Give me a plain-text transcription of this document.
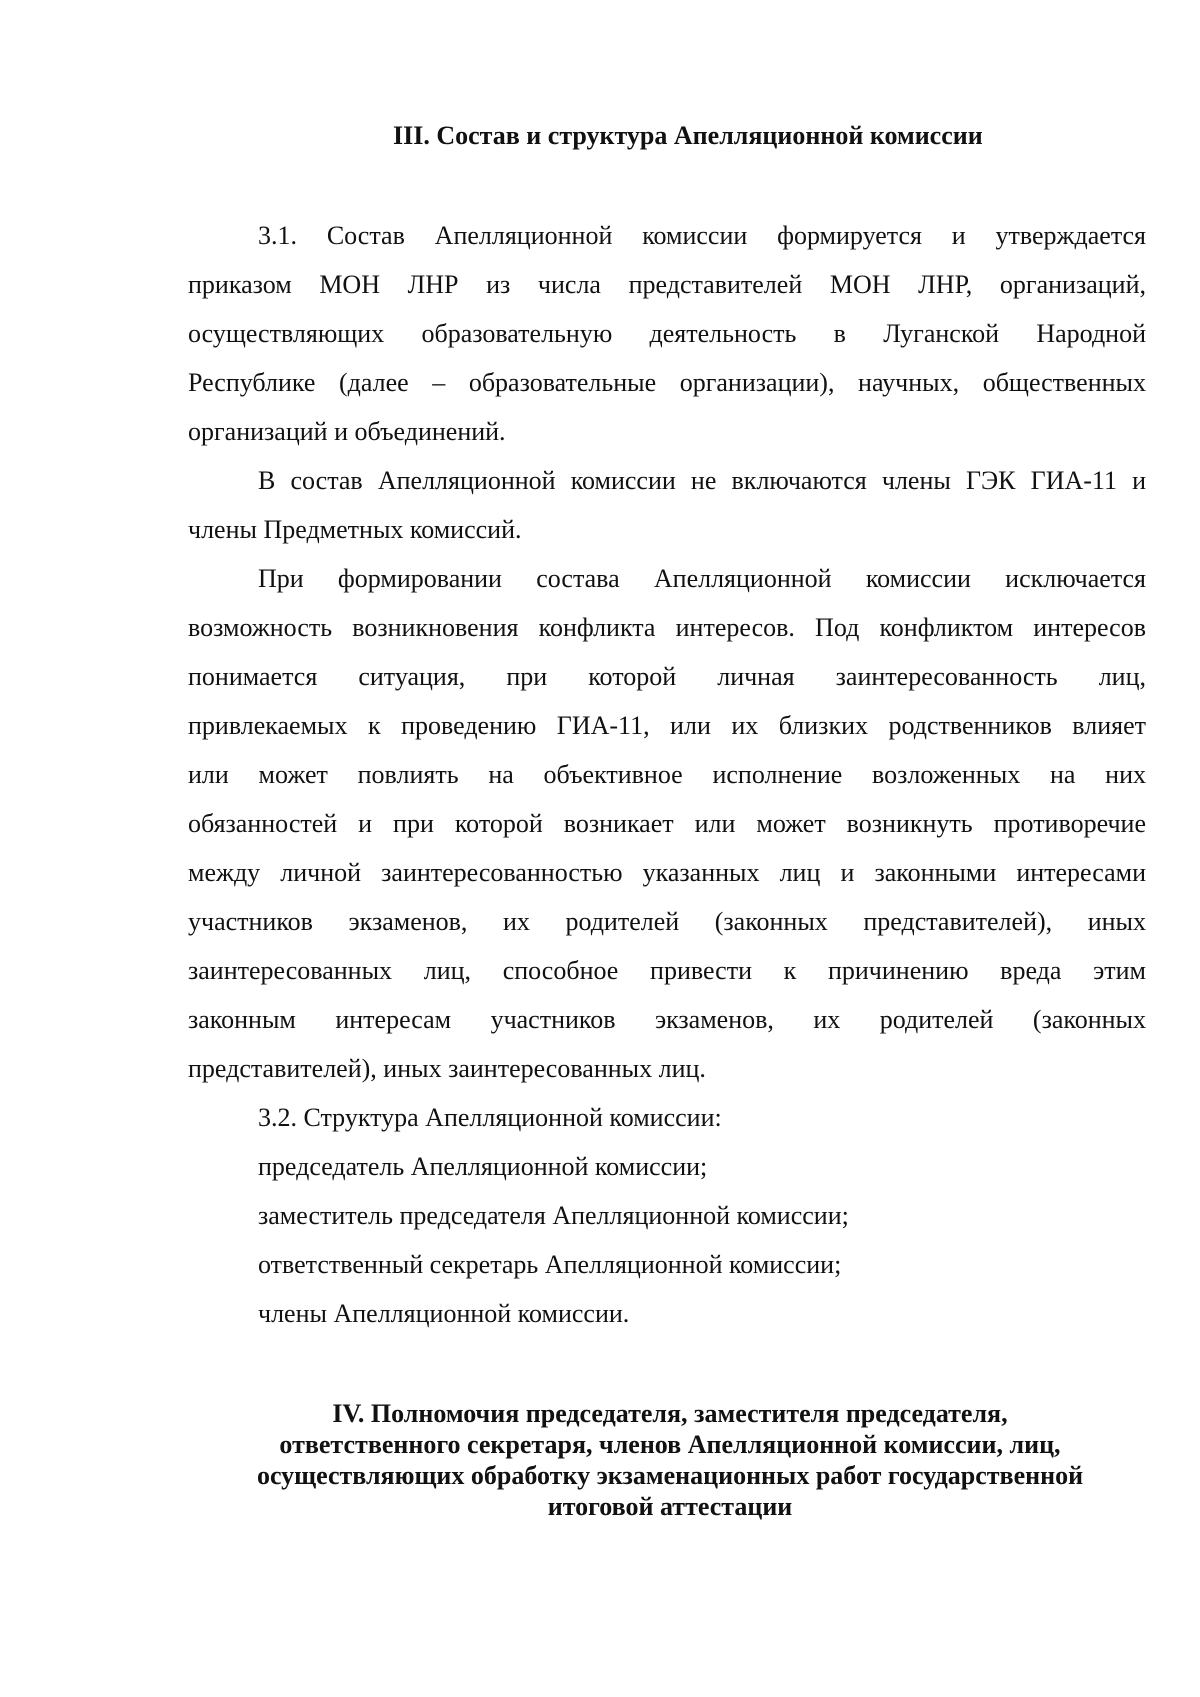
III. Состав и структура Апелляционной комиссии

3.1. Состав Апелляционной комиссии формируется и утверждается
приказом МОН ЛНР из числа представителей МОН ЛНР, организаций,
осуществляющих образовательную деятельность в Луганской Народной
Республике (далее – образовательные организации), научных, общественных
организаций и объединений.

В состав Апелляционной комиссии не включаются члены ГЭК ГИА-11 и
члены Предметных комиссий.

При формировании состава Апелляционной комиссии исключается
возможность возникновения конфликта интересов. Под конфликтом интересов
понимается ситуация, при которой личная заинтересованность лиц,
привлекаемых к проведению ГИА-11, или их близких родственников влияет
или может повлиять на объективное исполнение возложенных на них
обязанностей и при которой возникает или может возникнуть противоречие
между личной заинтересованностью указанных лиц и законными интересами
участников экзаменов, их родителей (законных представителей), иных
заинтересованных лиц, способное привести к причинению вреда этим
законным интересам участников экзаменов, их родителей (законных
представителей), иных заинтересованных лиц.

3.2. Структура Апелляционной комиссии:

председатель Апелляционной комиссии;
заместитель председателя Апелляционной комиссии;
ответственный секретарь Апелляционной комиссии;
члены Апелляционной комиссии.

IV. Полномочия председателя, заместителя председателя,
ответственного секретаря, членов Апелляционной комиссии, лиц,
осуществляющих обработку экзаменационных работ государственной
итоговой аттестации
